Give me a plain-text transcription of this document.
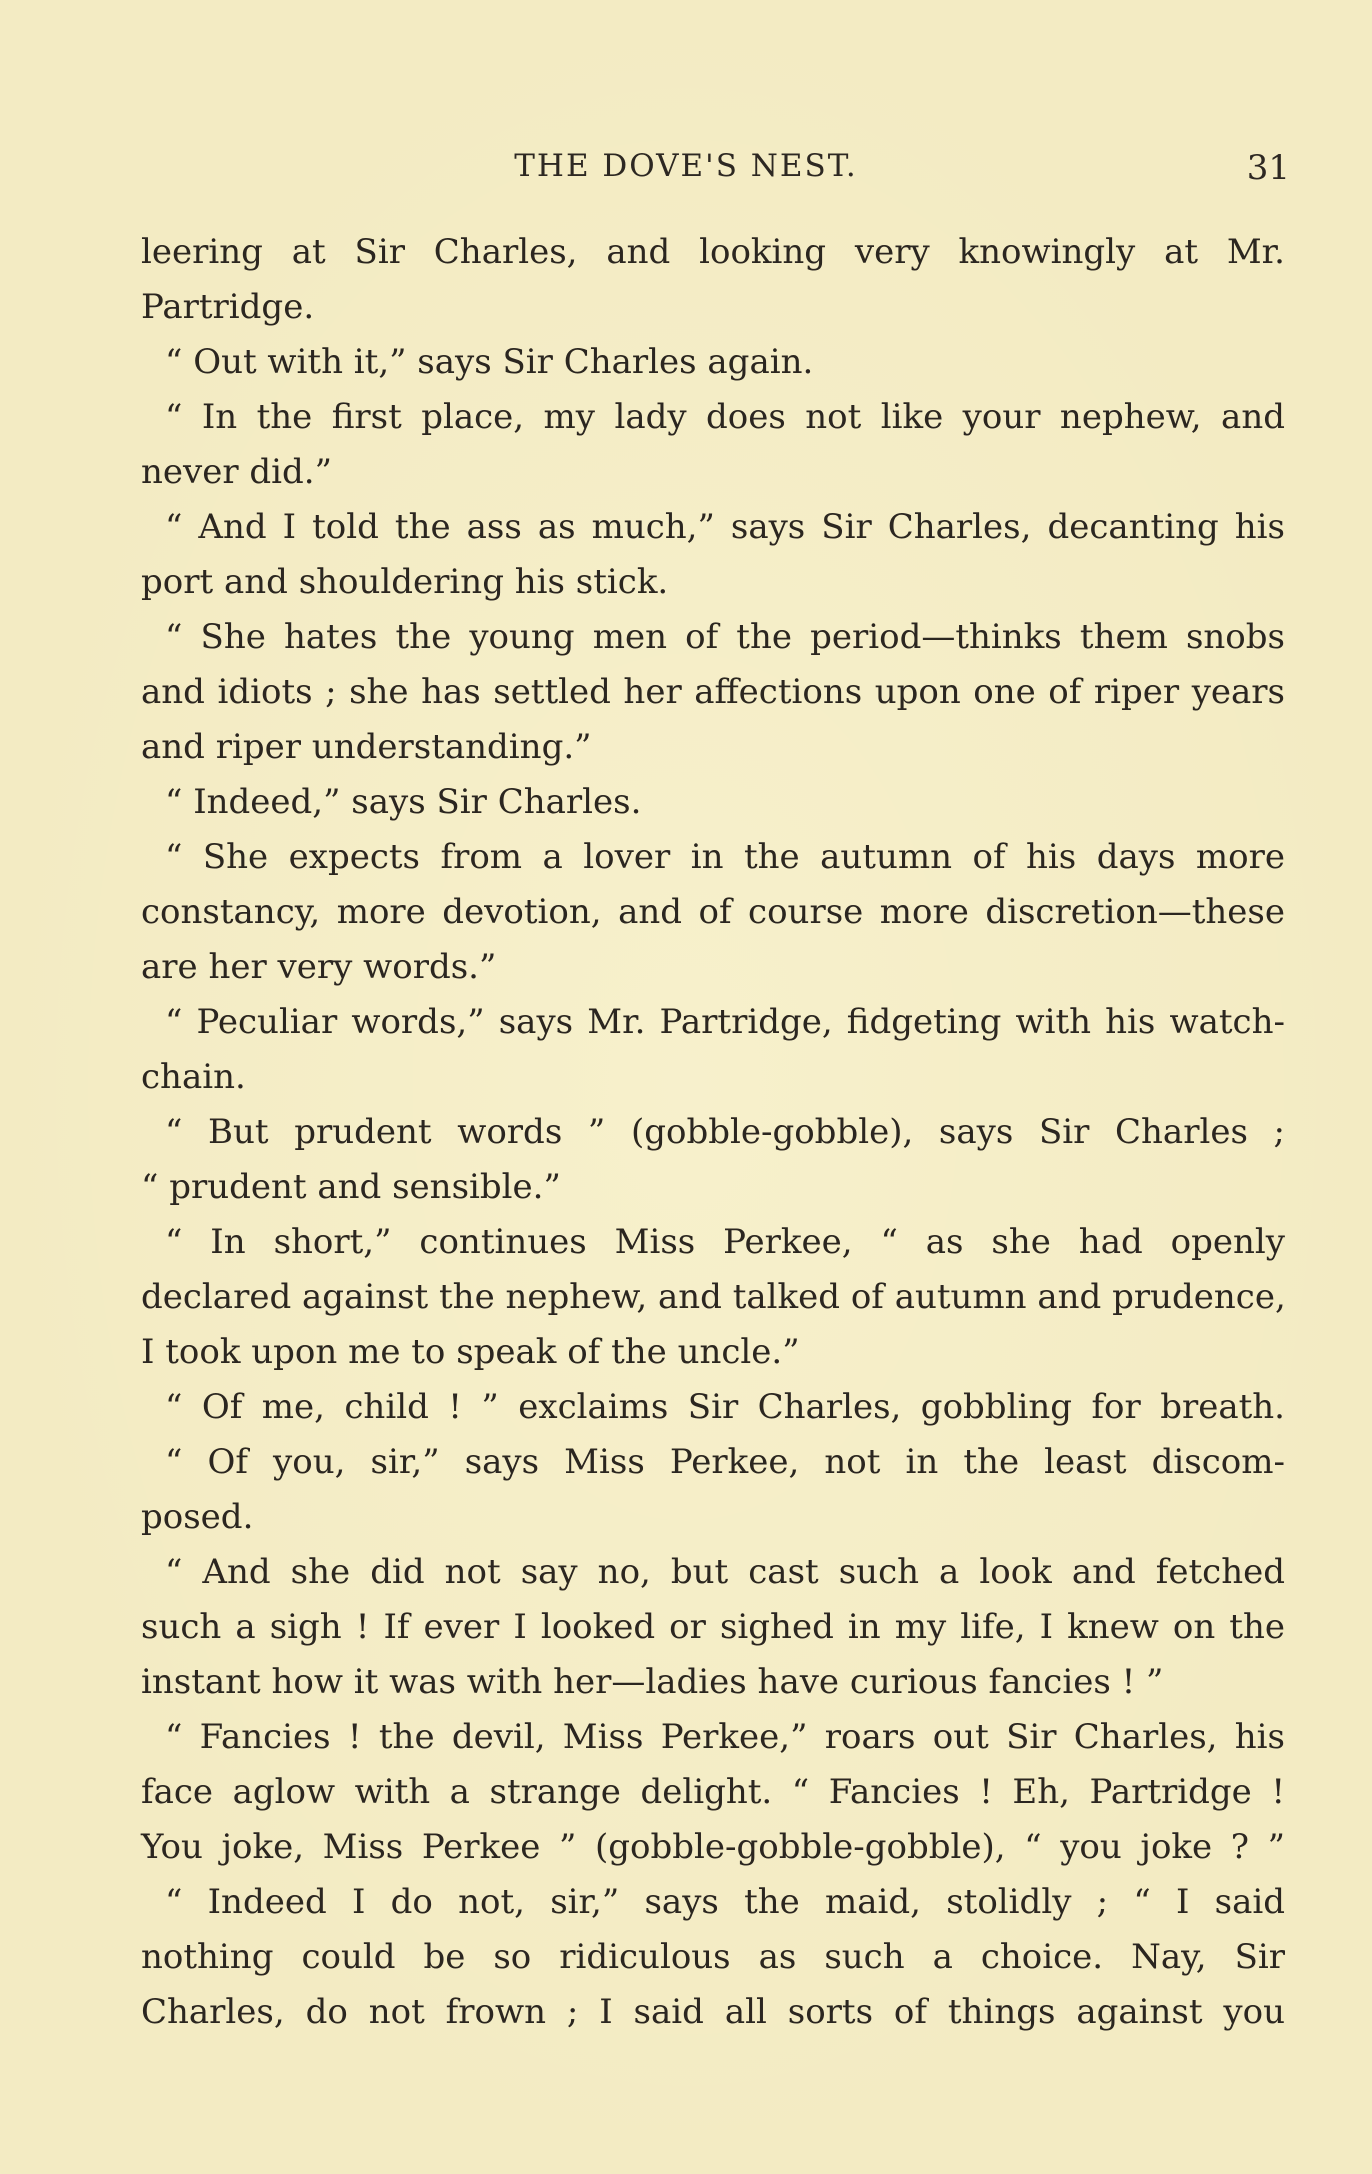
THE DOVE'S NEST.	31
leering at Sir Charles, and looking very knowingly at Mr.
Partridge.
“ Out with it,” says Sir Charles again.
“ In the first place, my lady does not like your nephew, and
never did.”
“ And I told the ass as much,” says Sir Charles, decanting his
port and shouldering his stick.
“ She hates the young men of the period—thinks them snobs
and idiots ; she has settled her affections upon one of riper years
and riper understanding.”
“ Indeed,” says Sir Charles.
“ She expects from a lover in the autumn of his days more
constancy, more devotion, and of course more discretion—these
are her very words.”
“ Peculiar words,” says Mr. Partridge, fidgeting with his watch-
chain.
“ But prudent words ” (gobble-gobble), says Sir Charles ;
“ prudent and sensible.”
“ In short,” continues Miss Perkee, “ as she had openly
declared against the nephew, and talked of autumn and prudence,
I took upon me to speak of the uncle.”
“ Of me, child ! ” exclaims Sir Charles, gobbling for breath.
“ Of you, sir,” says Miss Perkee, not in the least discom-
posed.
“ And she did not say no, but cast such a look and fetched
such a sigh ! If ever I looked or sighed in my life, I knew on the
instant how it was with her—ladies have curious fancies ! ”
“ Fancies ! the devil, Miss Perkee,” roars out Sir Charles, his
face aglow with a strange delight. “ Fancies ! Eh, Partridge !
You joke, Miss Perkee ” (gobble-gobble-gobble), “ you joke ? ”
“ Indeed I do not, sir,” says the maid, stolidly ; “ I said
nothing could be so ridiculous as such a choice. Nay, Sir
Charles, do not frown ; I said all sorts of things against you
